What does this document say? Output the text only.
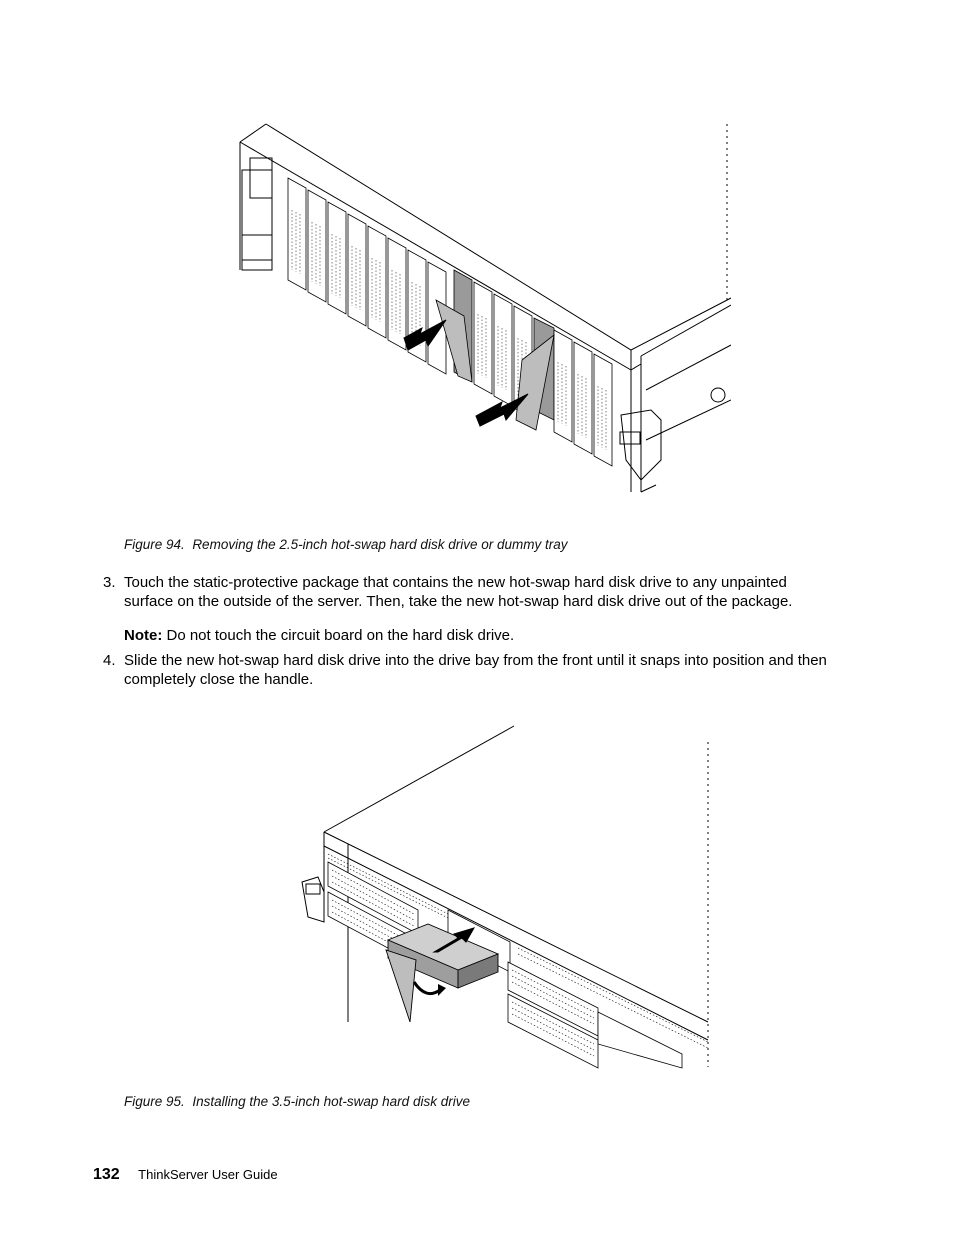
Figure 94. Removing the 2.5-inch hot-swap hard disk drive or dummy tray
3. Touch the static-protective package that contains the new hot-swap hard disk drive to any unpainted surface on the outside of the server. Then, take the new hot-swap hard disk drive out of the package.
Note: Do not touch the circuit board on the hard disk drive.
4. Slide the new hot-swap hard disk drive into the drive bay from the front until it snaps into position and then completely close the handle.
Figure 95. Installing the 3.5-inch hot-swap hard disk drive
132 ThinkServer User Guide
